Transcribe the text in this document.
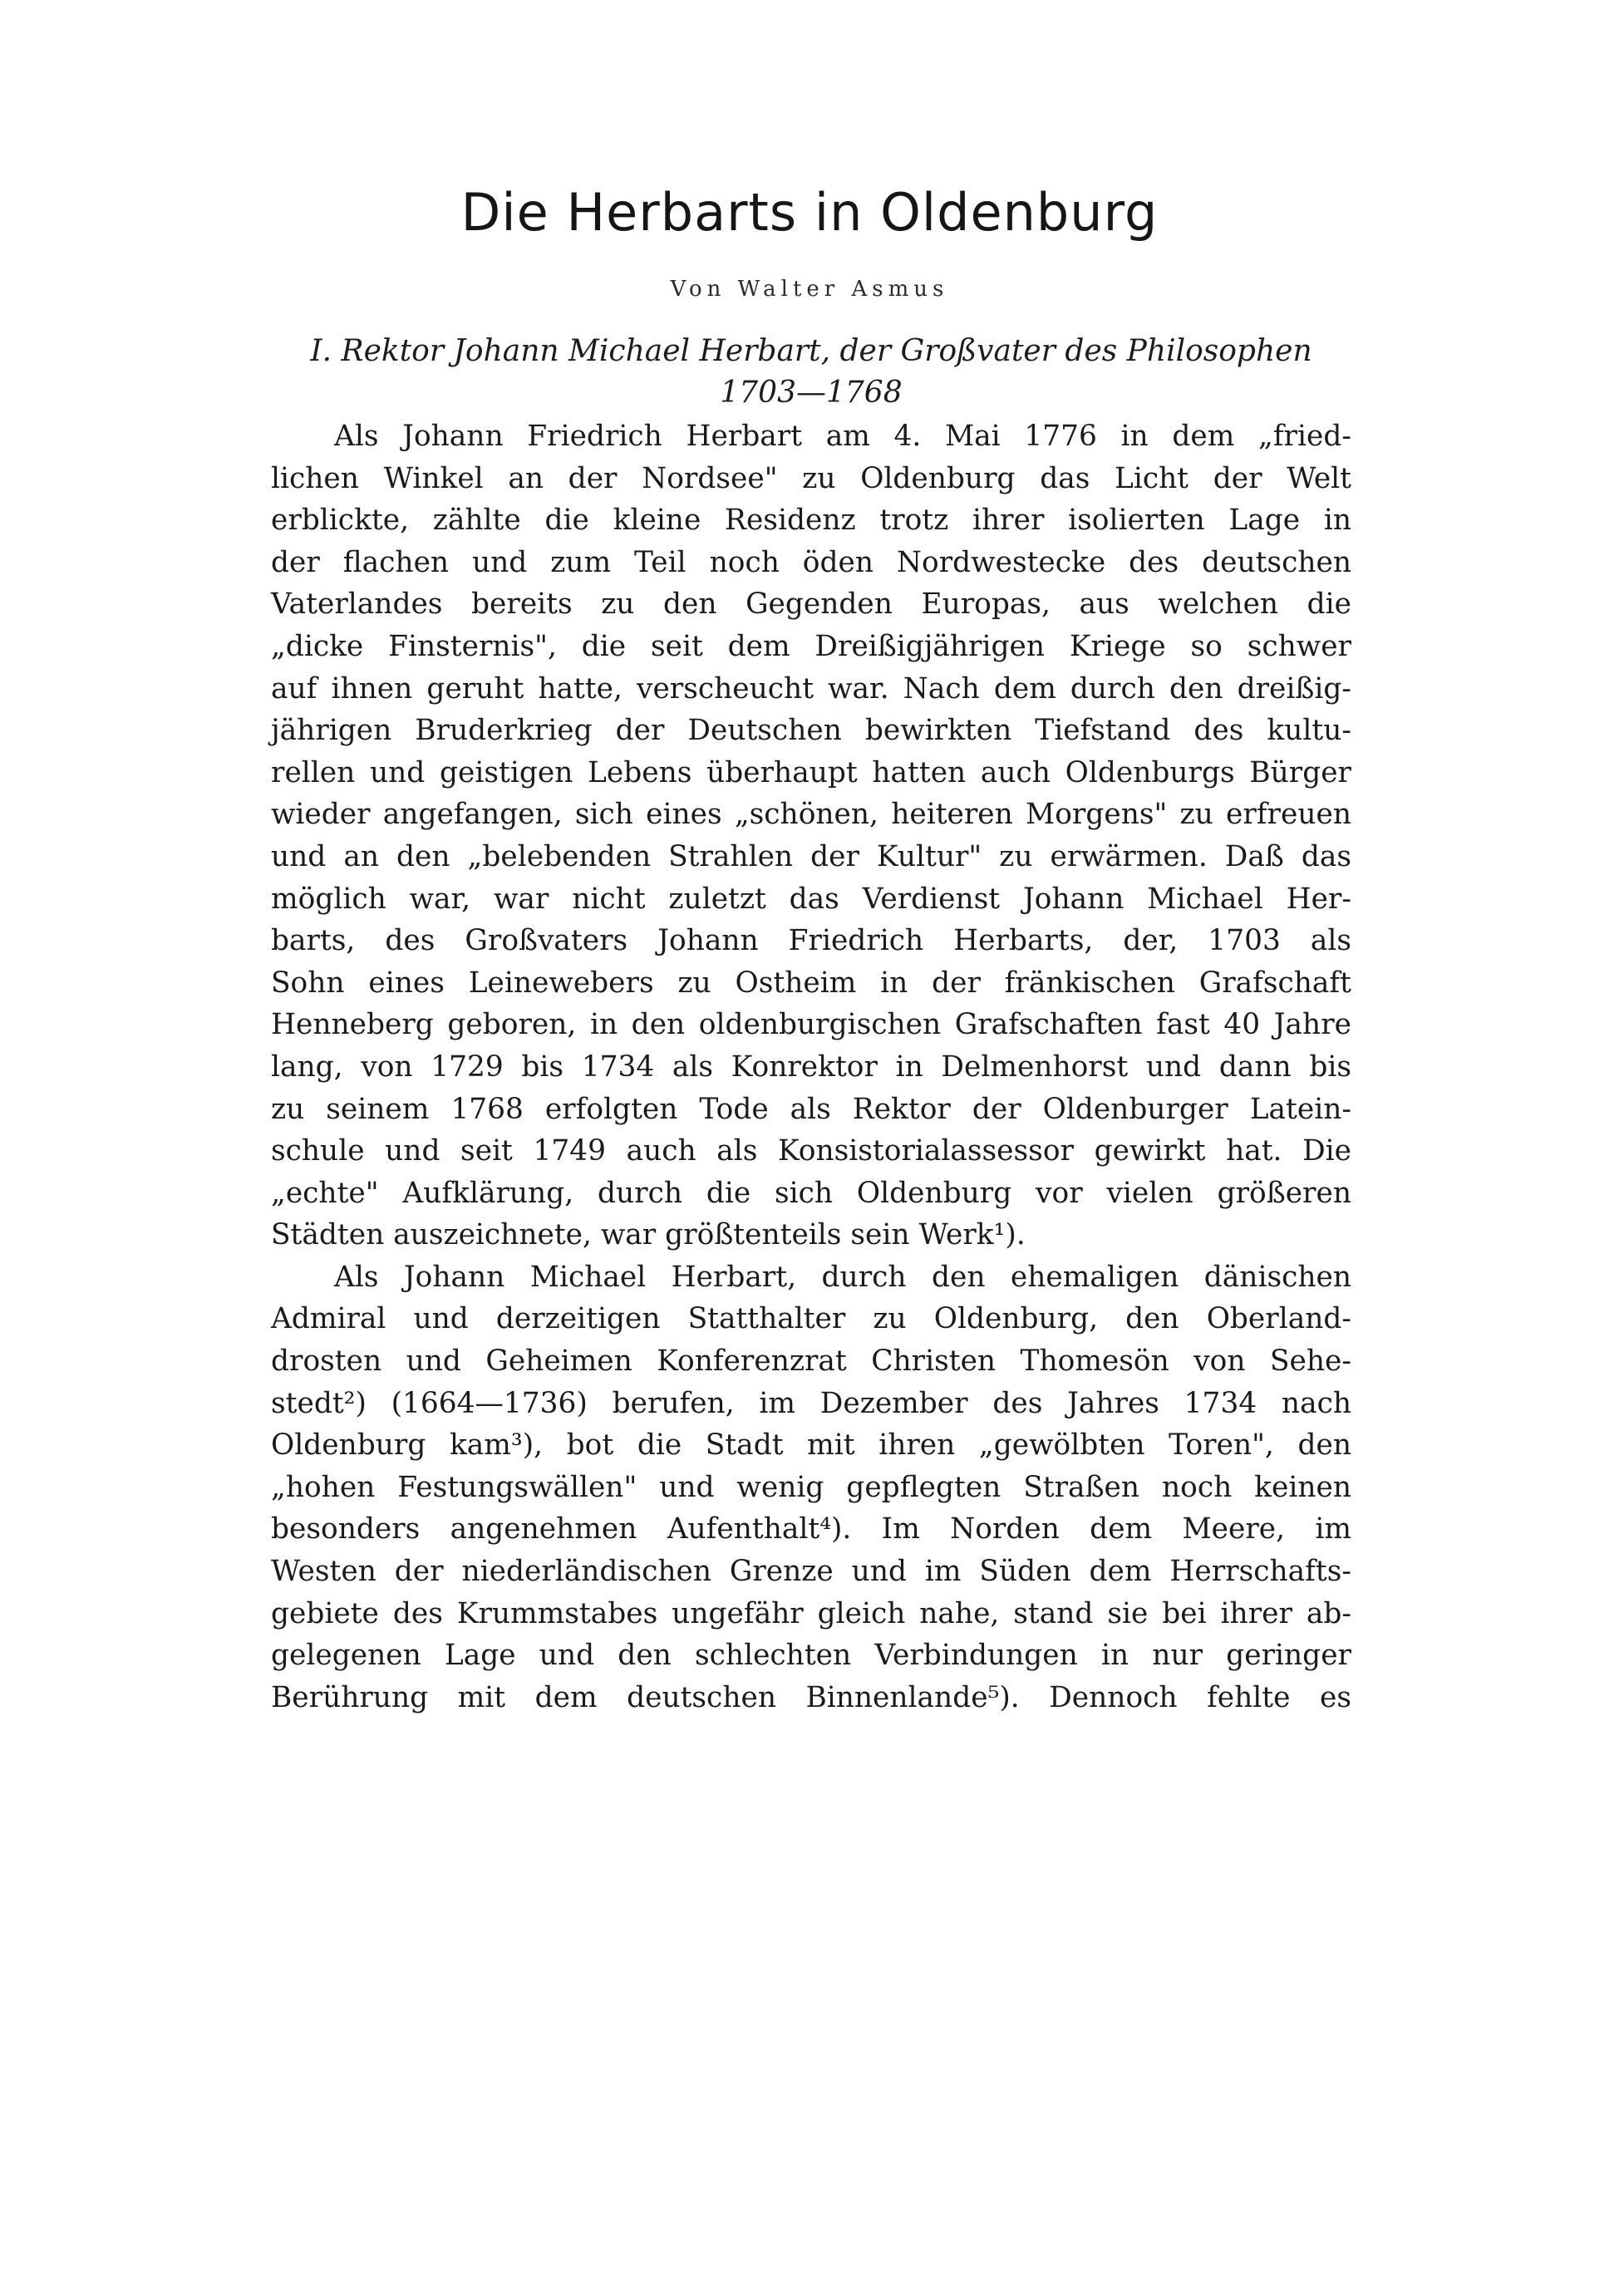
Die Herbarts in Oldenburg
Von Walter Asmus
I. Rektor Johann Michael Herbart, der Großvater des Philosophen
1703—1768

Als Johann Friedrich Herbart am 4. Mai 1776 in dem „fried-
lichen Winkel an der Nordsee" zu Oldenburg das Licht der Welt
erblickte, zählte die kleine Residenz trotz ihrer isolierten Lage in
der flachen und zum Teil noch öden Nordwestecke des deutschen
Vaterlandes bereits zu den Gegenden Europas, aus welchen die
„dicke Finsternis", die seit dem Dreißigjährigen Kriege so schwer
auf ihnen geruht hatte, verscheucht war. Nach dem durch den dreißig-
jährigen Bruderkrieg der Deutschen bewirkten Tiefstand des kultu-
rellen und geistigen Lebens überhaupt hatten auch Oldenburgs Bürger
wieder angefangen, sich eines „schönen, heiteren Morgens" zu erfreuen
und an den „belebenden Strahlen der Kultur" zu erwärmen. Daß das
möglich war, war nicht zuletzt das Verdienst Johann Michael Her-
barts, des Großvaters Johann Friedrich Herbarts, der, 1703 als
Sohn eines Leinewebers zu Ostheim in der fränkischen Grafschaft
Henneberg geboren, in den oldenburgischen Grafschaften fast 40 Jahre
lang, von 1729 bis 1734 als Konrektor in Delmenhorst und dann bis
zu seinem 1768 erfolgten Tode als Rektor der Oldenburger Latein-
schule und seit 1749 auch als Konsistorialassessor gewirkt hat. Die
„echte" Aufklärung, durch die sich Oldenburg vor vielen größeren
Städten auszeichnete, war größtenteils sein Werk¹).

Als Johann Michael Herbart, durch den ehemaligen dänischen
Admiral und derzeitigen Statthalter zu Oldenburg, den Oberland-
drosten und Geheimen Konferenzrat Christen Thomesön von Sehe-
stedt²) (1664—1736) berufen, im Dezember des Jahres 1734 nach
Oldenburg kam³), bot die Stadt mit ihren „gewölbten Toren", den
„hohen Festungswällen" und wenig gepflegten Straßen noch keinen
besonders angenehmen Aufenthalt⁴). Im Norden dem Meere, im
Westen der niederländischen Grenze und im Süden dem Herrschafts-
gebiete des Krummstabes ungefähr gleich nahe, stand sie bei ihrer ab-
gelegenen Lage und den schlechten Verbindungen in nur geringer
Berührung mit dem deutschen Binnenlande⁵). Dennoch fehlte es
